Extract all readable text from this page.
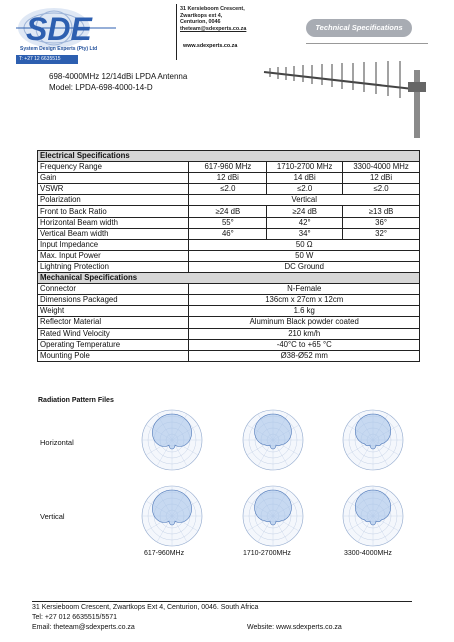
SDE
System Design Experts (Pty) Ltd
T: +27 12 6635515
31 Kersieboom Crescent,
Zwartkops ext 4,
Centurion, 0046
theteam@sdexperts.co.za
www.sdexperts.co.za
Technical Specifications
698-4000MHz 12/14dBi LPDA Antenna
Model: LPDA-698-4000-14-D
Electrical Specifications			
Frequency Range	617-960 MHz	1710-2700 MHz	3300-4000 MHz
Gain	12 dBi	14 dBi	12 dBi
VSWR	≤2.0	≤2.0	≤2.0
Polarization	Vertical		
Front to Back Ratio	≥24 dB	≥24 dB	≥13 dB
Horizontal Beam width	55°	42°	36°
Vertical Beam width	46°	34°	32°
Input Impedance	50 Ω		
Max. Input Power	50 W		
Lightning Protection	DC Ground		
Mechanical Specifications			
Connector	N-Female		
Dimensions Packaged	136cm x 27cm x 12cm		
Weight	1.6 kg		
Reflector Material	Aluminum Black powder coated		
Rated Wind Velocity	210 km/h		
Operating Temperature	-40°C to +65 °C		
Mounting Pole	Ø38-Ø52 mm		
Radiation Pattern Files
Horizontal
Vertical
617-960MHz	1710-2700MHz	3300-4000MHz
31 Kersieboom Crescent, Zwartkops Ext 4, Centurion, 0046. South Africa
Tel: +27 012 6635515/5571
Email: theteam@sdexperts.co.za	Website: www.sdexperts.co.za
